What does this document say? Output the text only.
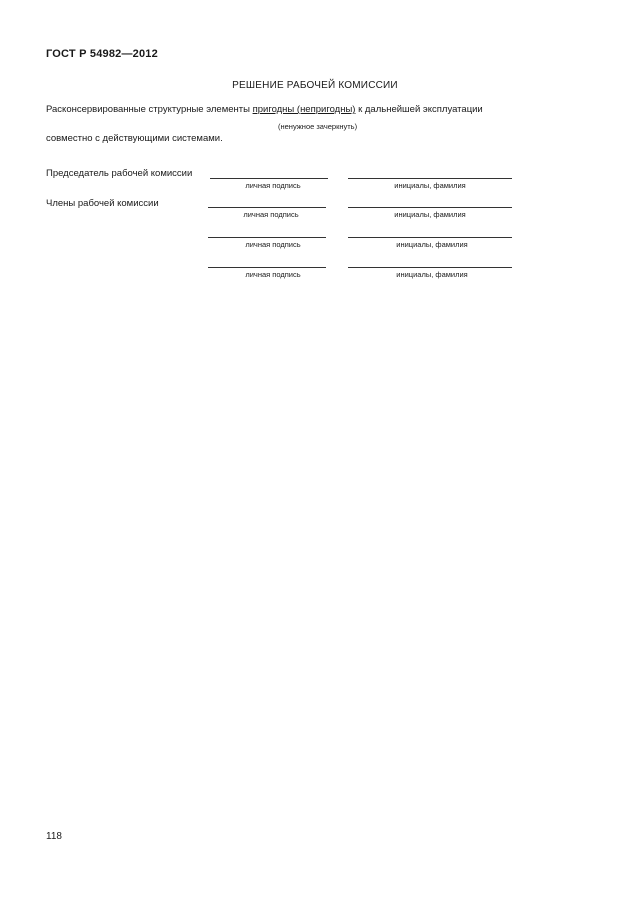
ГОСТ Р 54982—2012
РЕШЕНИЕ РАБОЧЕЙ КОМИССИИ
Расконсервированные структурные элементы пригодны (непригодны) к дальнейшей эксплуатации
(ненужное зачеркнуть)
совместно с действующими системами.
Председатель рабочей комиссии
личная подпись	инициалы, фамилия
Члены рабочей комиссии
личная подпись	инициалы, фамилия
личная подпись	инициалы, фамилия
личная подпись	инициалы, фамилия
118
